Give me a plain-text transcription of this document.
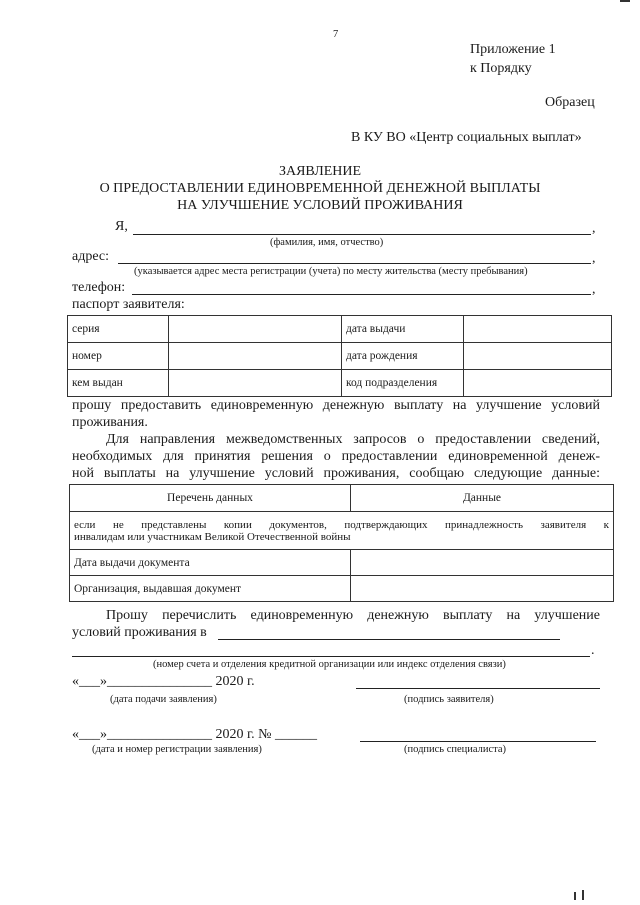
7
Приложение 1
к Порядку
Образец
В КУ ВО «Центр социальных выплат»
ЗАЯВЛЕНИЕ
О ПРЕДОСТАВЛЕНИИ ЕДИНОВРЕМЕННОЙ ДЕНЕЖНОЙ ВЫПЛАТЫ
НА УЛУЧШЕНИЕ УСЛОВИЙ ПРОЖИВАНИЯ
Я,	,
(фамилия, имя, отчество)
адрес:	,
(указывается адрес места регистрации (учета) по месту жительства (месту пребывания)
телефон:	,
паспорт заявителя:
серия		дата выдачи	
номер		дата рождения	
кем выдан		код подразделения	
прошу предоставить единовременную денежную выплату на улучшение условий
проживания.
Для направления межведомственных запросов о предоставлении сведений,
необходимых для принятия решения о предоставлении единовременной денеж-
ной выплаты на улучшение условий проживания, сообщаю следующие данные:
Перечень данных	Данные

если не представлены копии документов, подтверждающих принадлежность заявителя к
инвалидам или участникам Великой Отечественной войны	

Дата выдачи документа	
Организация, выдавшая документ	
Прошу перечислить единовременную денежную выплату на улучшение
условий проживания в
.
(номер счета и отделения кредитной организации или индекс отделения связи)
«___»_______________ 2020 г.
(дата подачи заявления)	(подпись заявителя)
«___»_______________ 2020 г. № ______
(дата и номер регистрации заявления)	(подпись специалиста)
